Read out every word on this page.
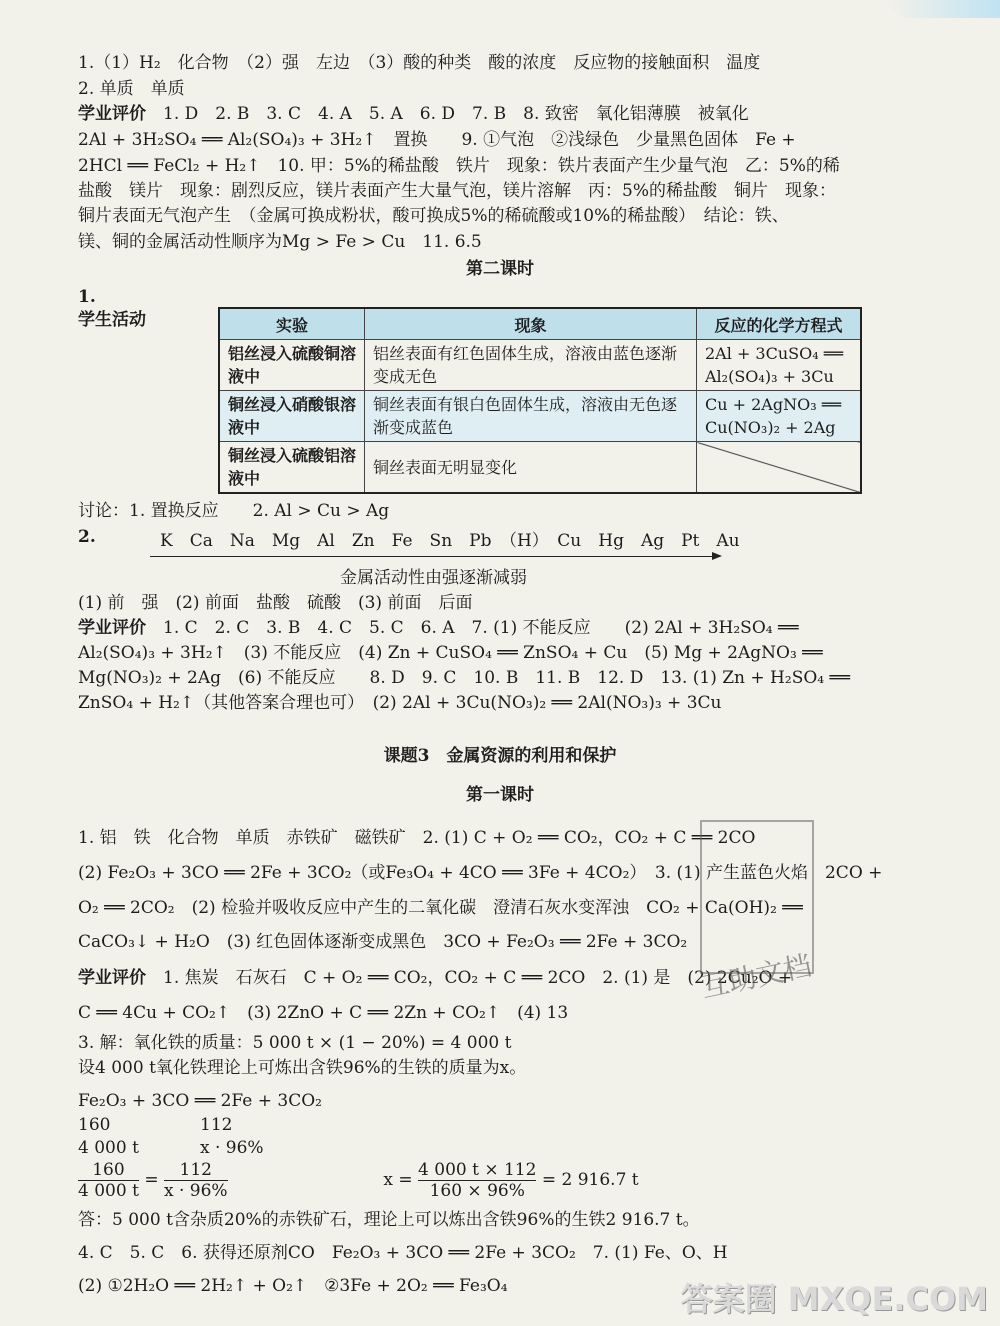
1.（1）H₂　化合物　（2）强　左边　（3）酸的种类　酸的浓度　反应物的接触面积　温度
2. 单质　单质
学业评价　 1. D　2. B　3. C　4. A　5. A　6. D　7. B　8. 致密　氧化铝薄膜　被氧化
2Al + 3H₂SO₄ ══ Al₂(SO₄)₃ + 3H₂↑　置换　　9. ①气泡　②浅绿色　少量黑色固体　Fe +
2HCl ══ FeCl₂ + H₂↑　10. 甲：5%的稀盐酸　铁片　现象：铁片表面产生少量气泡　乙：5%的稀
盐酸　镁片　现象：剧烈反应，镁片表面产生大量气泡，镁片溶解　丙：5%的稀盐酸　铜片　现象：
铜片表面无气泡产生　（金属可换成粉状，酸可换成5%的稀硫酸或10%的稀盐酸）　结论：铁、
镁、铜的金属活动性顺序为Mg > Fe > Cu　11. 6.5
第二课时
1.
学生活动	实验	现象	反应的化学方程式
铝丝浸入硫酸铜溶液中	铝丝表面有红色固体生成，溶液由蓝色逐渐变成无色	2Al + 3CuSO₄ ══
Al₂(SO₄)₃ + 3Cu

铜丝浸入硝酸银溶液中	铜丝表面有银白色固体生成，溶液由无色逐渐变成蓝色	Cu + 2AgNO₃ ══
Cu(NO₃)₂ + 2Ag

铜丝浸入硫酸铝溶液中	铜丝表面无明显变化	
讨论：1. 置换反应　　2. Al > Cu > Ag
2.	K　Ca　Na　Mg　Al　Zn　Fe　Sn　Pb　（H）　Cu　Hg　Ag　Pt　Au
金属活动性由强逐渐减弱
(1) 前　强　(2) 前面　盐酸　硫酸　(3) 前面　后面
学业评价　 1. C　2. C　3. B　4. C　5. C　6. A　7. (1) 不能反应　　(2) 2Al + 3H₂SO₄ ══
Al₂(SO₄)₃ + 3H₂↑　(3) 不能反应　(4) Zn + CuSO₄ ══ ZnSO₄ + Cu　(5) Mg + 2AgNO₃ ══
Mg(NO₃)₂ + 2Ag　(6) 不能反应　　8. D　9. C　10. B　11. B　12. D　13. (1) Zn + H₂SO₄ ══
ZnSO₄ + H₂↑（其他答案合理也可）　(2) 2Al + 3Cu(NO₃)₂ ══ 2Al(NO₃)₃ + 3Cu
课题3　金属资源的利用和保护
第一课时
1. 铝　铁　化合物　单质　赤铁矿　磁铁矿　2. (1) C + O₂ ══ CO₂，CO₂ + C ══ 2CO
(2) Fe₂O₃ + 3CO ══ 2Fe + 3CO₂（或Fe₃O₄ + 4CO ══ 3Fe + 4CO₂）　3. (1) 产生蓝色火焰　2CO +
O₂ ══ 2CO₂　(2) 检验并吸收反应中产生的二氧化碳　澄清石灰水变浑浊　CO₂ + Ca(OH)₂ ══
CaCO₃↓ + H₂O　(3) 红色固体逐渐变成黑色　3CO + Fe₂O₃ ══ 2Fe + 3CO₂
学业评价　 1. 焦炭　石灰石　C + O₂ ══ CO₂，CO₂ + C ══ 2CO　2. (1) 是　(2) 2Cu₂O +
C ══ 4Cu + CO₂↑　(3) 2ZnO + C ══ 2Zn + CO₂↑　(4) 13
3. 解：氧化铁的质量：5 000 t × (1 − 20%) = 4 000 t
设4 000 t氧化铁理论上可炼出含铁96%的生铁的质量为x。
Fe₂O₃ + 3CO ══ 2Fe + 3CO₂
160	112
4 000 t	x · 96%
$\frac{160}{4 000 t} = \frac{112}{x \cdot 96\%}$	$x = \frac{4 000 t \times 112}{160 \times 96\%} = 2$ 916.7 t
答：5 000 t含杂质20%的赤铁矿石，理论上可以炼出含铁96%的生铁2 916.7 t。
4. C　5. C　6. 获得还原剂CO　Fe₂O₃ + 3CO ══ 2Fe + 3CO₂　7. (1) Fe、O、H
(2) ①2H₂O ══ 2H₂↑ + O₂↑　②3Fe + 2O₂ ══ Fe₃O₄
互助文档
答案圈 MXQE.COM
